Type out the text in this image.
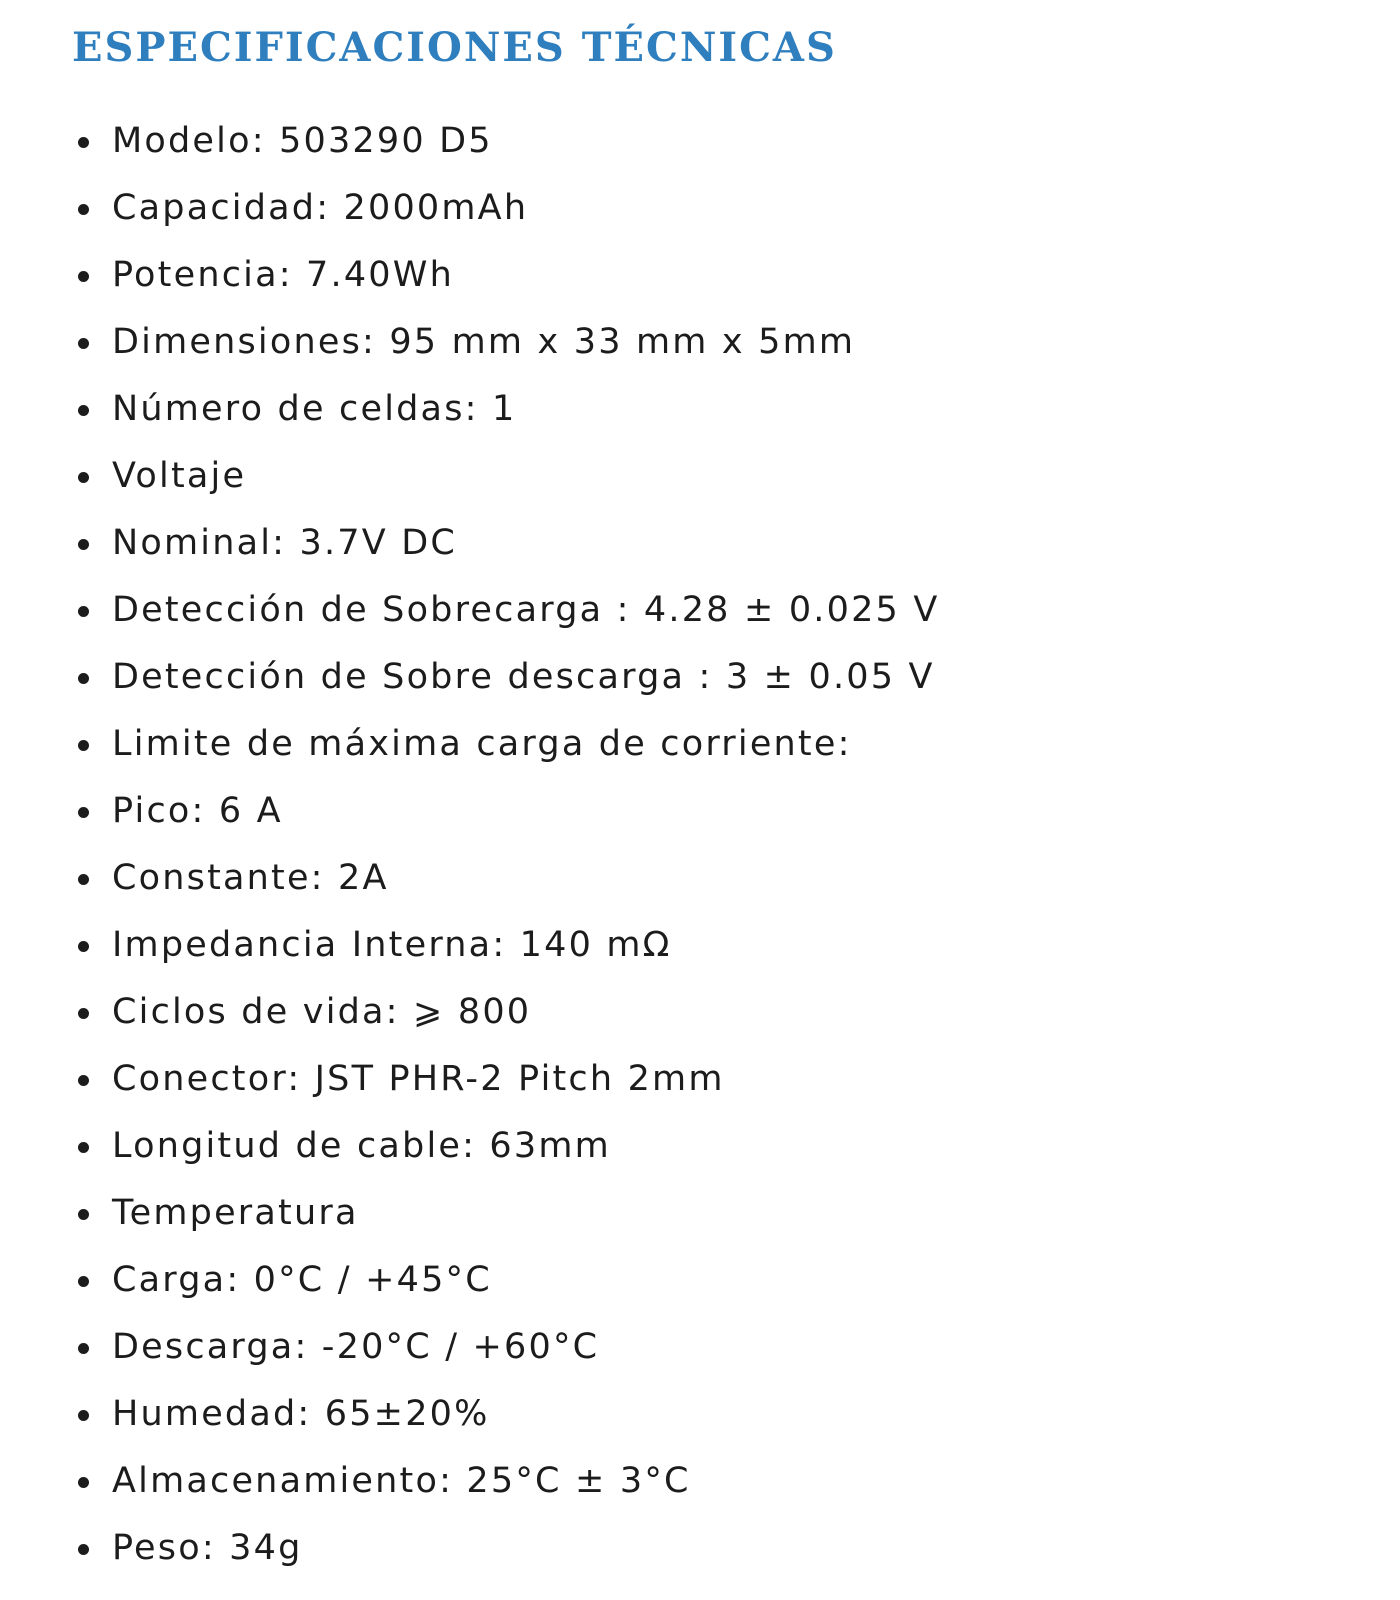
ESPECIFICACIONES TÉCNICAS
Modelo: 503290 D5
Capacidad: 2000mAh
Potencia: 7.40Wh
Dimensiones: 95 mm x 33 mm x 5mm
Número de celdas: 1
Voltaje
Nominal: 3.7V DC
Detección de Sobrecarga : 4.28 ± 0.025 V
Detección de Sobre descarga : 3 ± 0.05 V
Limite de máxima carga de corriente:
Pico: 6 A
Constante: 2A
Impedancia Interna: 140 mΩ
Ciclos de vida: ⩾ 800
Conector: JST PHR-2 Pitch 2mm
Longitud de cable: 63mm
Temperatura
Carga: 0°C / +45°C
Descarga: -20°C / +60°C
Humedad: 65±20%
Almacenamiento: 25°C ± 3°C
Peso: 34g
